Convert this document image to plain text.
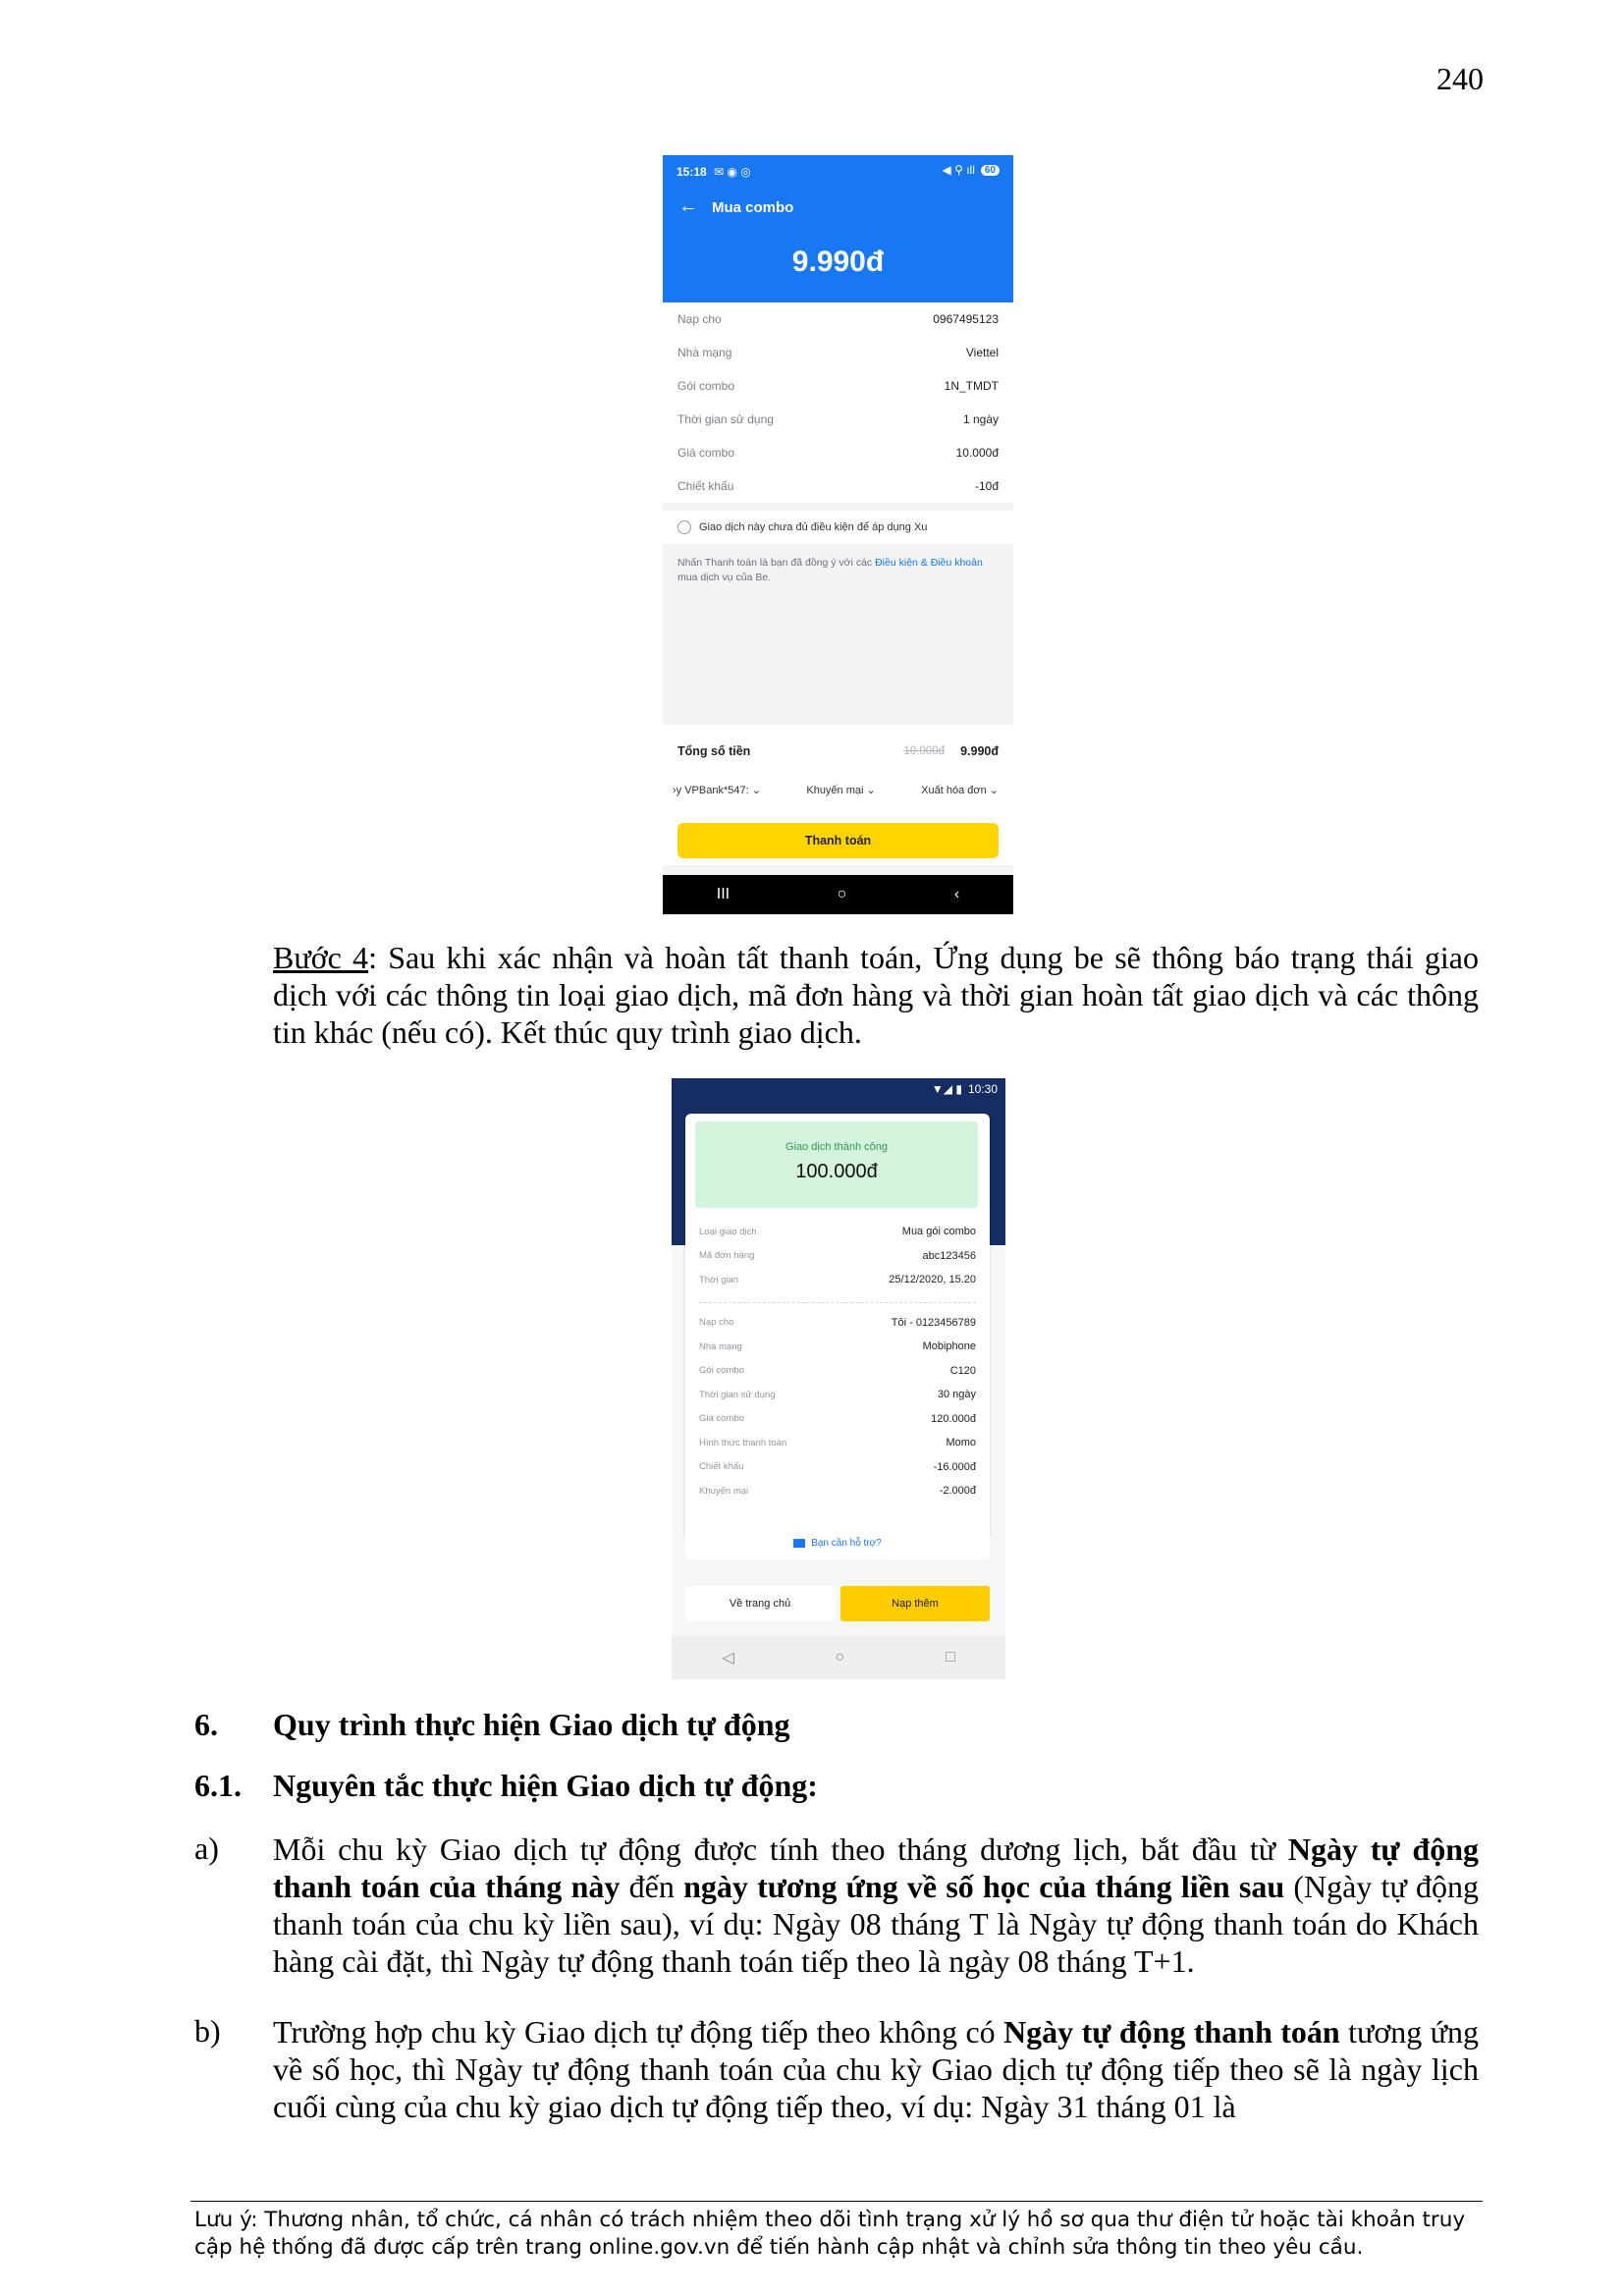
240
15:18 ✉ ◉ ◎	◀ ⚲ ıll	60
← Mua combo
9.990đ
Nạp cho	0967495123
Nhà mạng	Viettel
Gói combo	1N_TMDT
Thời gian sử dụng	1 ngày
Giá combo	10.000đ
Chiết khấu	-10đ
Giao dịch này chưa đủ điều kiện để áp dụng Xu
Nhấn Thanh toán là bạn đã đồng ý với các Điều kiện & Điều khoản mua dịch vụ của Be.
Tổng số tiền	10.000đ 9.990đ
›y VPBank*547: ⌄	Khuyến mại ⌄	Xuất hóa đơn ⌄
Thanh toán
III	○	‹
Bước 4: Sau khi xác nhận và hoàn tất thanh toán, Ứng dụng be sẽ thông báo trạng thái giao dịch với các thông tin loại giao dịch, mã đơn hàng và thời gian hoàn tất giao dịch và các thông tin khác (nếu có). Kết thúc quy trình giao dịch.
▼◢ ▮ 10:30
Giao dịch thành công
100.000đ
Loại giao dịch	Mua gói combo
Mã đơn hàng	abc123456
Thời gian	25/12/2020, 15.20
Nạp cho	Tôi - 0123456789
Nhà mạng	Mobiphone
Gói combo	C120
Thời gian sử dụng	30 ngày
Giá combo	120.000đ
Hình thức thanh toán	Momo
Chiết khấu	-16.000đ
Khuyến mại	-2.000đ
Bạn cần hỗ trợ?
Về trang chủ	Nạp thêm
◁	○	□
6. Quy trình thực hiện Giao dịch tự động
6.1. Nguyên tắc thực hiện Giao dịch tự động:
a) Mỗi chu kỳ Giao dịch tự động được tính theo tháng dương lịch, bắt đầu từ Ngày tự động thanh toán của tháng này đến ngày tương ứng về số học của tháng liền sau (Ngày tự động thanh toán của chu kỳ liền sau), ví dụ: Ngày 08 tháng T là Ngày tự động thanh toán do Khách hàng cài đặt, thì Ngày tự động thanh toán tiếp theo là ngày 08 tháng T+1.
b) Trường hợp chu kỳ Giao dịch tự động tiếp theo không có Ngày tự động thanh toán tương ứng về số học, thì Ngày tự động thanh toán của chu kỳ Giao dịch tự động tiếp theo sẽ là ngày lịch cuối cùng của chu kỳ giao dịch tự động tiếp theo, ví dụ: Ngày 31 tháng 01 là
Lưu ý: Thương nhân, tổ chức, cá nhân có trách nhiệm theo dõi tình trạng xử lý hồ sơ qua thư điện tử hoặc tài khoản truy cập hệ thống đã được cấp trên trang online.gov.vn để tiến hành cập nhật và chỉnh sửa thông tin theo yêu cầu.
